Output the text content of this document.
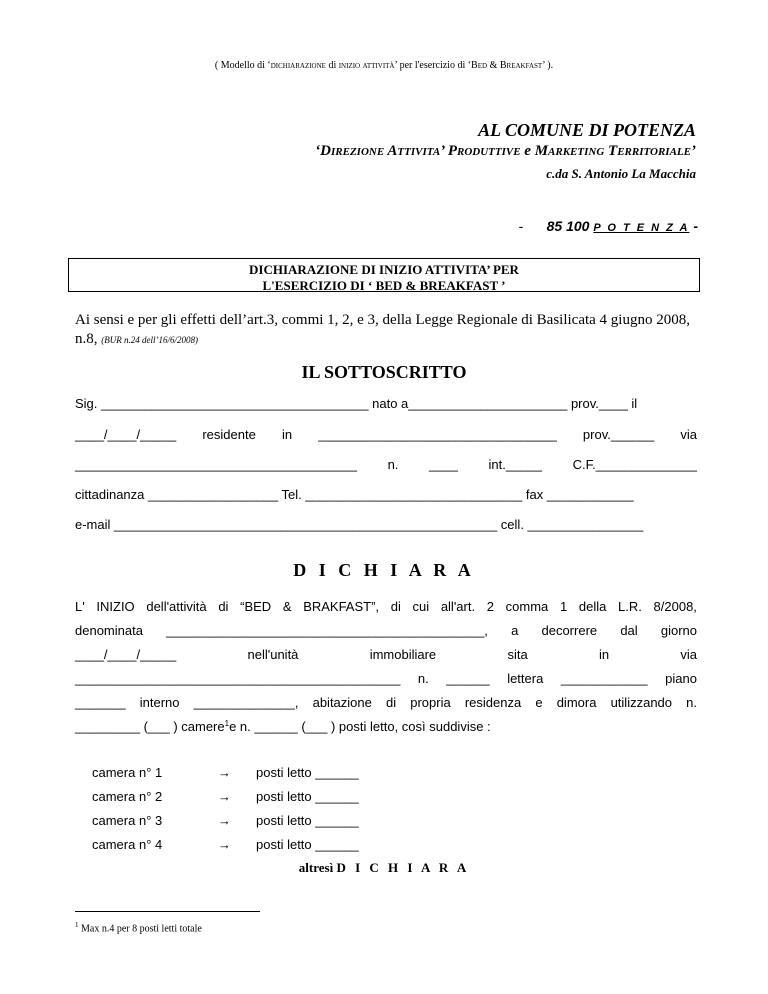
( Modello di ‘dichiarazione di inizio attività’ per l'esercizio di ‘Bed & Breakfast’ ).
AL COMUNE DI POTENZA
‘Direzione Attivita’ Produttive e Marketing Territoriale’
c.da S. Antonio La Macchia
- 85 100 P O T E N Z A -
DICHIARAZIONE DI INIZIO ATTIVITA’ PER
L'ESERCIZIO DI ‘ BED & BREAKFAST ’
Ai sensi e per gli effetti dell’art.3, commi 1, 2, e 3, della Legge Regionale di Basilicata 4 giugno 2008,
n.8, (BUR n.24 dell’16/6/2008)
IL SOTTOSCRITTO
Sig. _____________________________________ nato a______________________ prov.____ il
____/____/_____ residente in _________________________________ prov.______ via
_______________________________________ n. ____ int._____ C.F.______________
cittadinanza __________________ Tel. ______________________________ fax ____________
e-mail _____________________________________________________ cell. ________________
D I C H I A R A
L' INIZIO dell'attività di “BED & BRAKFAST”, di cui all'art. 2 comma 1 della L.R. 8/2008,
denominata ____________________________________________, a decorrere dal giorno
____/____/_____	nell'unità	immobiliare	sita	in	via
_____________________________________________ n. ______ lettera ____________ piano
_______ interno ______________, abitazione di propria residenza e dimora utilizzando n.
_________ (___ ) camere 1 e n. ______ (___ ) posti letto, così suddivise :
camera n° 1	→	posti letto ______
camera n° 2	→	posti letto ______
camera n° 3	→	posti letto ______
camera n° 4	→	posti letto ______
altresì D I C H I A R A
$^1$ Max n.4 per 8 posti letti totale
